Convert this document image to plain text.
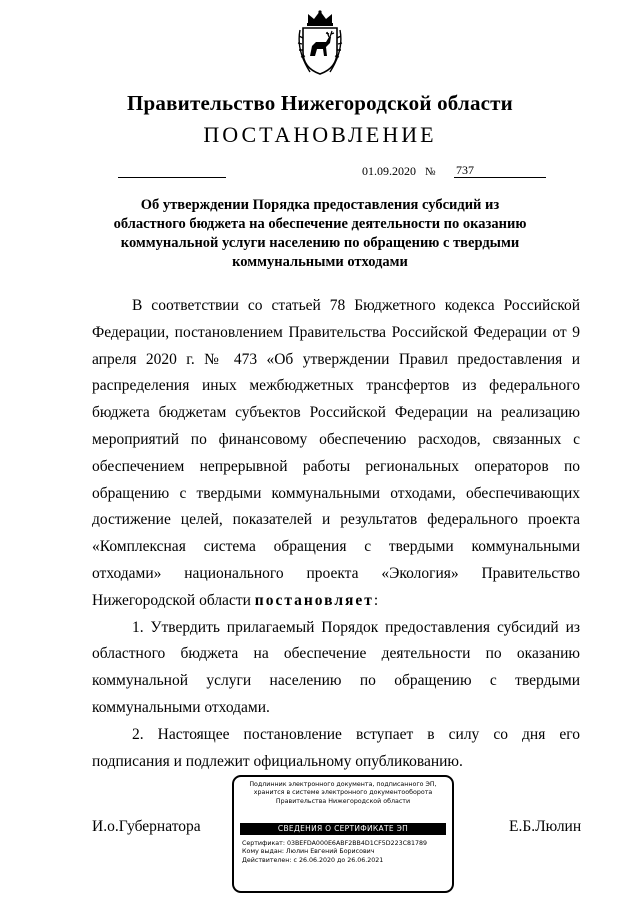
Правительство Нижегородской области
ПОСТАНОВЛЕНИЕ
01.09.2020 № 737
Об утверждении Порядка предоставления субсидий из областного бюджета на обеспечение деятельности по оказанию коммунальной услуги населению по обращению с твердыми коммунальными отходами

В соответствии со статьей 78 Бюджетного кодекса Российской Федерации, постановлением Правительства Российской Федерации от 9 апреля 2020 г. № 473 «Об утверждении Правил предоставления и распределения иных межбюджетных трансфертов из федерального бюджета бюджетам субъектов Российской Федерации на реализацию мероприятий по финансовому обеспечению расходов, связанных с обеспечением непрерывной работы региональных операторов по обращению с твердыми коммунальными отходами, обеспечивающих достижение целей, показателей и результатов федерального проекта «Комплексная система обращения с твердыми коммунальными отходами» национального проекта «Экология» Правительство Нижегородской области постановляет:

1. Утвердить прилагаемый Порядок предоставления субсидий из областного бюджета на обеспечение деятельности по оказанию коммунальной услуги населению по обращению с твердыми коммунальными отходами.

2. Настоящее постановление вступает в силу со дня его подписания и подлежит официальному опубликованию.

И.о.Губернатора	Е.Б.Люлин
Подлинник электронного документа, подписанного ЭП, хранится в системе электронного документооборота Правительства Нижегородской области
СВЕДЕНИЯ О СЕРТИФИКАТЕ ЭП
Сертификат: 03BEFDA000E6ABF2BB4D1CF5D223C81789
Кому выдан: Люлин Евгений Борисович
Действителен: с 26.06.2020 до 26.06.2021
